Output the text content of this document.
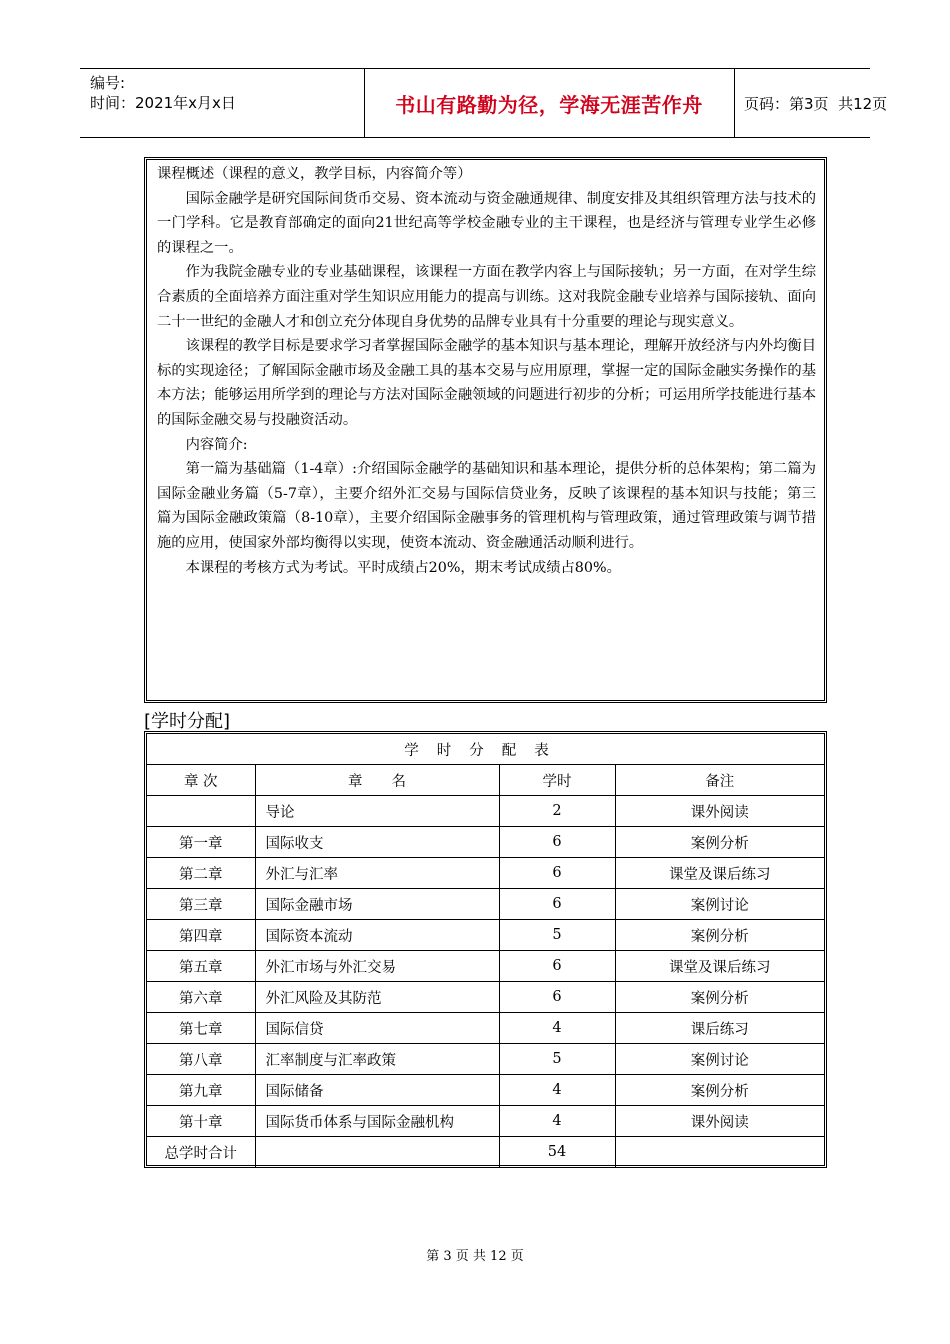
编号:
时间：2021年x月x日	书山有路勤为径，学海无涯苦作舟	页码：第3页  共12页
课程概述（课程的意义，教学目标，内容简介等）

国际金融学是研究国际间货币交易、资本流动与资金融通规律、制度安排及其组织管理方法与技术的一门学科。它是教育部确定的面向21世纪高等学校金融专业的主干课程，也是经济与管理专业学生必修的课程之一。

作为我院金融专业的专业基础课程，该课程一方面在教学内容上与国际接轨；另一方面，在对学生综合素质的全面培养方面注重对学生知识应用能力的提高与训练。这对我院金融专业培养与国际接轨、面向二十一世纪的金融人才和创立充分体现自身优势的品牌专业具有十分重要的理论与现实意义。

该课程的教学目标是要求学习者掌握国际金融学的基本知识与基本理论，理解开放经济与内外均衡目标的实现途径；了解国际金融市场及金融工具的基本交易与应用原理，掌握一定的国际金融实务操作的基本方法；能够运用所学到的理论与方法对国际金融领域的问题进行初步的分析；可运用所学技能进行基本的国际金融交易与投融资活动。

内容简介:

第一篇为基础篇（1-4章）:介绍国际金融学的基础知识和基本理论，提供分析的总体架构；第二篇为国际金融业务篇（5-7章），主要介绍外汇交易与国际信贷业务，反映了该课程的基本知识与技能；第三篇为国际金融政策篇（8-10章），主要介绍国际金融事务的管理机构与管理政策，通过管理政策与调节措施的应用，使国家外部均衡得以实现，使资本流动、资金融通活动顺利进行。

本课程的考核方式为考试。平时成绩占20%，期末考试成绩占80%。

[学时分配]
学时分配表			
章 次	章　　名	学时	备注
	导论	2	课外阅读
第一章	国际收支	6	案例分析
第二章	外汇与汇率	6	课堂及课后练习
第三章	国际金融市场	6	案例讨论
第四章	国际资本流动	5	案例分析
第五章	外汇市场与外汇交易	6	课堂及课后练习
第六章	外汇风险及其防范	6	案例分析
第七章	国际信贷	4	课后练习
第八章	汇率制度与汇率政策	5	案例讨论
第九章	国际储备	4	案例分析
第十章	国际货币体系与国际金融机构	4	课外阅读
总学时合计		54	
第 3 页 共 12 页
